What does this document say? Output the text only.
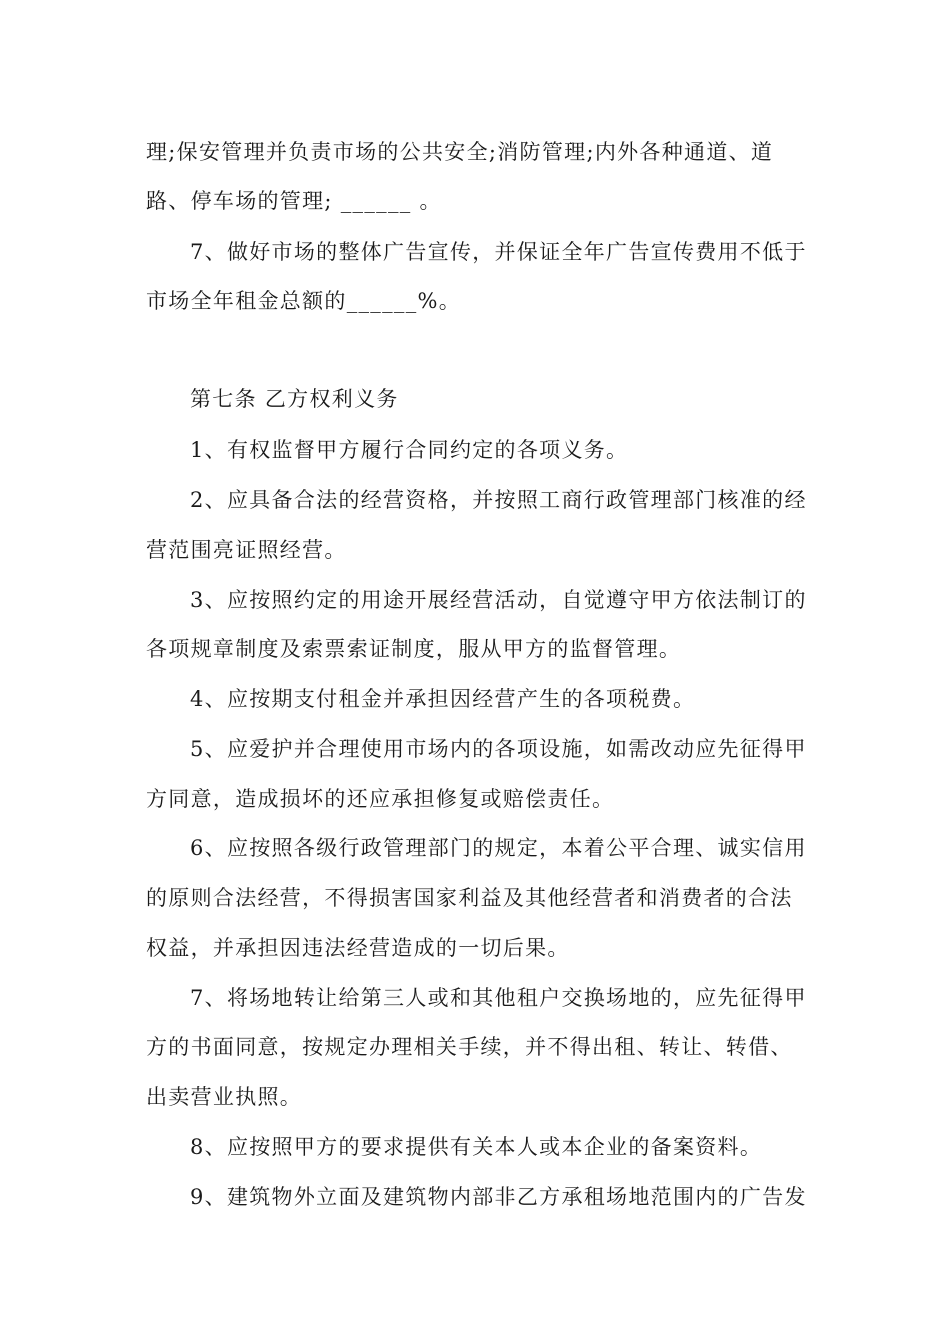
理;保安管理并负责市场的公共安全;消防管理;内外各种通道、道
路、停车场的管理; ______ 。
7、做好市场的整体广告宣传，并保证全年广告宣传费用不低于
市场全年租金总额的______%。
第七条 乙方权利义务
1、有权监督甲方履行合同约定的各项义务。
2、应具备合法的经营资格，并按照工商行政管理部门核准的经
营范围亮证照经营。
3、应按照约定的用途开展经营活动，自觉遵守甲方依法制订的
各项规章制度及索票索证制度，服从甲方的监督管理。
4、应按期支付租金并承担因经营产生的各项税费。
5、应爱护并合理使用市场内的各项设施，如需改动应先征得甲
方同意，造成损坏的还应承担修复或赔偿责任。
6、应按照各级行政管理部门的规定，本着公平合理、诚实信用
的原则合法经营，不得损害国家利益及其他经营者和消费者的合法
权益，并承担因违法经营造成的一切后果。
7、将场地转让给第三人或和其他租户交换场地的，应先征得甲
方的书面同意，按规定办理相关手续，并不得出租、转让、转借、
出卖营业执照。
8、应按照甲方的要求提供有关本人或本企业的备案资料。
9、建筑物外立面及建筑物内部非乙方承租场地范围内的广告发
